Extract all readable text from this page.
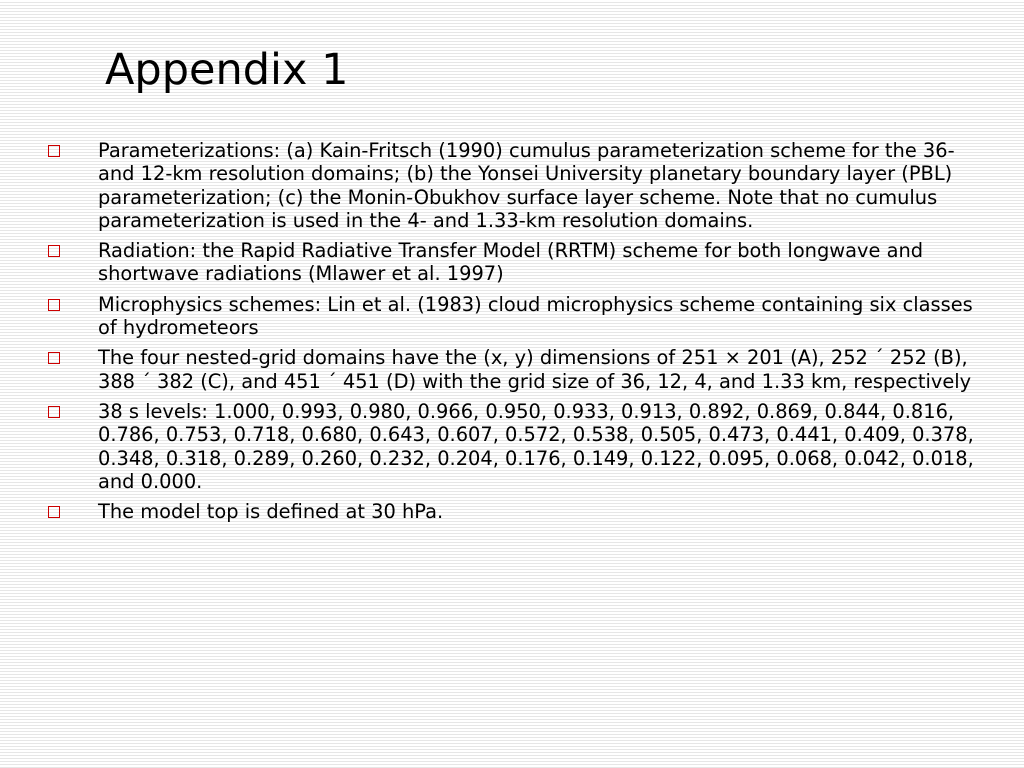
Appendix 1
Parameterizations: (a) Kain-Fritsch (1990) cumulus parameterization scheme for the 36- and 12-km resolution domains; (b) the Yonsei University planetary boundary layer (PBL) parameterization; (c) the Monin-Obukhov surface layer scheme. Note that no cumulus parameterization is used in the 4- and 1.33-km resolution domains.
Radiation: the Rapid Radiative Transfer Model (RRTM) scheme for both longwave and shortwave radiations (Mlawer et al. 1997)
Microphysics schemes: Lin et al. (1983) cloud microphysics scheme containing six classes of hydrometeors
The four nested-grid domains have the (x, y) dimensions of 251 × 201 (A), 252 ´ 252 (B), 388 ´ 382 (C), and 451 ´ 451 (D) with the grid size of 36, 12, 4, and 1.33 km, respectively
38 s levels: 1.000, 0.993, 0.980, 0.966, 0.950, 0.933, 0.913, 0.892, 0.869, 0.844, 0.816, 0.786, 0.753, 0.718, 0.680, 0.643, 0.607, 0.572, 0.538, 0.505, 0.473, 0.441, 0.409, 0.378, 0.348, 0.318, 0.289, 0.260, 0.232, 0.204, 0.176, 0.149, 0.122, 0.095, 0.068, 0.042, 0.018, and 0.000.
The model top is defined at 30 hPa.
